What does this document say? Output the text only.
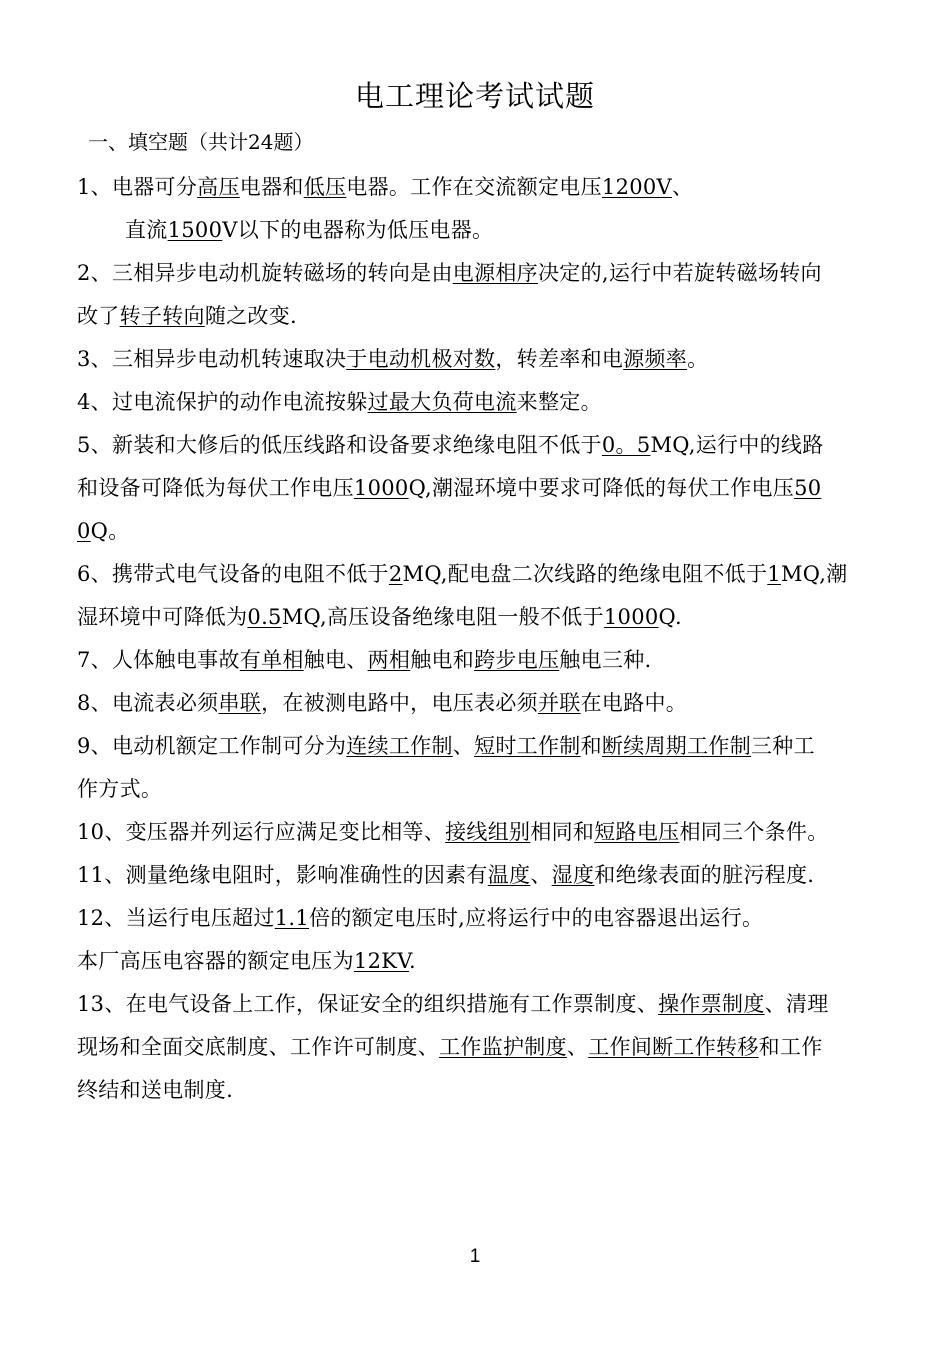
电工理论考试试题
一、填空题（共计24题）
1、电器可分高压电器和低压电器。工作在交流额定电压1200V、
直流1500V以下的电器称为低压电器。
2、三相异步电动机旋转磁场的转向是由电源相序决定的,运行中若旋转磁场转向
改了转子转向随之改变.
3、三相异步电动机转速取决于电动机极对数，转差率和电源频率。
4、过电流保护的动作电流按躲过最大负荷电流来整定。
5、新装和大修后的低压线路和设备要求绝缘电阻不低于0。5MQ,运行中的线路
和设备可降低为每伏工作电压1000Q,潮湿环境中要求可降低的每伏工作电压50
0Q。
6、携带式电气设备的电阻不低于2MQ,配电盘二次线路的绝缘电阻不低于1MQ,潮
湿环境中可降低为0.5MQ,高压设备绝缘电阻一般不低于1000Q.
7、人体触电事故有单相触电、两相触电和跨步电压触电三种.
8、电流表必须串联，在被测电路中，电压表必须并联在电路中。
9、电动机额定工作制可分为连续工作制、短时工作制和断续周期工作制三种工
作方式。
10、变压器并列运行应满足变比相等、接线组别相同和短路电压相同三个条件。
11、测量绝缘电阻时，影响准确性的因素有温度、湿度和绝缘表面的脏污程度.
12、当运行电压超过1.1倍的额定电压时,应将运行中的电容器退出运行。
本厂高压电容器的额定电压为12KV.
13、在电气设备上工作，保证安全的组织措施有工作票制度、操作票制度、清理
现场和全面交底制度、工作许可制度、工作监护制度、工作间断工作转移和工作
终结和送电制度.
1
